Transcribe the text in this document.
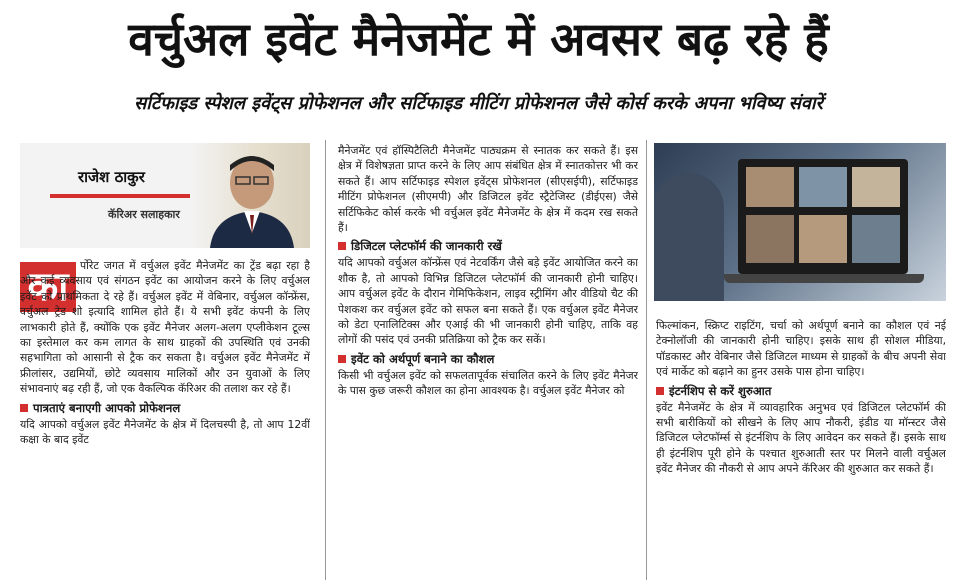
वर्चुअल इवेंट मैनेजमेंट में अवसर बढ़ रहे हैं
सर्टिफाइड स्पेशल इवेंट्स प्रोफेशनल और सर्टिफाइड मीटिंग प्रोफेशनल जैसे कोर्स करके अपना भविष्य संवारें
राजेश ठाकुर
कॅरिअर सलाहकार
का	र्पोरेट जगत में वर्चुअल इवेंट मैनेजमेंट का ट्रेंड बढ़ा रहा है और कई व्यवसाय एवं संगठन इवेंट का आयोजन करने के लिए वर्चुअल इवेंट को प्राथमिकता दे रहे हैं। वर्चुअल इवेंट में वेबिनार, वर्चुअल कॉन्फ्रेंस, वर्चुअल ट्रेड शो इत्यादि शामिल होते हैं। ये सभी इवेंट कंपनी के लिए लाभकारी होते हैं, क्योंकि एक इवेंट मैनेजर अलग-अलग एप्लीकेशन टूल्स का इस्तेमाल कर कम लागत के साथ ग्राहकों की उपस्थिति एवं उनकी सहभागिता को आसानी से ट्रैक कर सकता है। वर्चुअल इवेंट मैनेजमेंट में फ्रीलांसर, उद्यमियों, छोटे व्यवसाय मालिकों और उन युवाओं के लिए संभावनाएं बढ़ रही हैं, जो एक वैकल्पिक कॅरिअर की तलाश कर रहे हैं।

पात्रताएं बनाएगी आपको प्रोफेशनल

यदि आपको वर्चुअल इवेंट मैनेजमेंट के क्षेत्र में दिलचस्पी है, तो आप 12वीं कक्षा के बाद इवेंट

मैनेजमेंट एवं हॉस्पिटैलिटी मैनेजमेंट पाठ्यक्रम से स्नातक कर सकते हैं। इस क्षेत्र में विशेषज्ञता प्राप्त करने के लिए आप संबंधित क्षेत्र में स्नातकोत्तर भी कर सकते हैं। आप सर्टिफाइड स्पेशल इवेंट्स प्रोफेशनल (सीएसईपी), सर्टिफाइड मीटिंग प्रोफेशनल (सीएमपी) और डिजिटल इवेंट स्ट्रैटेजिस्ट (डीईएस) जैसे सर्टिफिकेट कोर्स करके भी वर्चुअल इवेंट मैनेजमेंट के क्षेत्र में कदम रख सकते हैं।

डिजिटल प्लेटफॉर्म की जानकारी रखें

यदि आपको वर्चुअल कॉन्फ्रेंस एवं नेटवर्किंग जैसे बड़े इवेंट आयोजित करने का शौक है, तो आपको विभिन्न डिजिटल प्लेटफॉर्म की जानकारी होनी चाहिए। आप वर्चुअल इवेंट के दौरान गेमिफिकेशन, लाइव स्ट्रीमिंग और वीडियो चैट की पेशकश कर वर्चुअल इवेंट को सफल बना सकते हैं। एक वर्चुअल इवेंट मैनेजर को डेटा एनालिटिक्स और एआई की भी जानकारी होनी चाहिए, ताकि वह लोगों की पसंद एवं उनकी प्रतिक्रिया को ट्रैक कर सकें।

इवेंट को अर्थपूर्ण बनाने का कौशल

किसी भी वर्चुअल इवेंट को सफलतापूर्वक संचालित करने के लिए इवेंट मैनेजर के पास कुछ जरूरी कौशल का होना आवश्यक है। वर्चुअल इवेंट मैनेजर को

फिल्मांकन, स्क्रिप्ट राइटिंग, चर्चा को अर्थपूर्ण बनाने का कौशल एवं नई टेक्नोलॉजी की जानकारी होनी चाहिए। इसके साथ ही सोशल मीडिया, पॉडकास्ट और वेबिनार जैसे डिजिटल माध्यम से ग्राहकों के बीच अपनी सेवा एवं मार्केट को बढ़ाने का हुनर उसके पास होना चाहिए।

इंटर्नशिप से करें शुरुआत

इवेंट मैनेजमेंट के क्षेत्र में व्यावहारिक अनुभव एवं डिजिटल प्लेटफॉर्म की सभी बारीकियों को सीखने के लिए आप नौकरी, इंडीड या मॉन्स्टर जैसे डिजिटल प्लेटफॉर्म्स से इंटर्नशिप के लिए आवेदन कर सकते हैं। इसके साथ ही इंटर्नशिप पूरी होने के पश्चात शुरुआती स्तर पर मिलने वाली वर्चुअल इवेंट मैनेजर की नौकरी से आप अपने कॅरिअर की शुरुआत कर सकते हैं।
